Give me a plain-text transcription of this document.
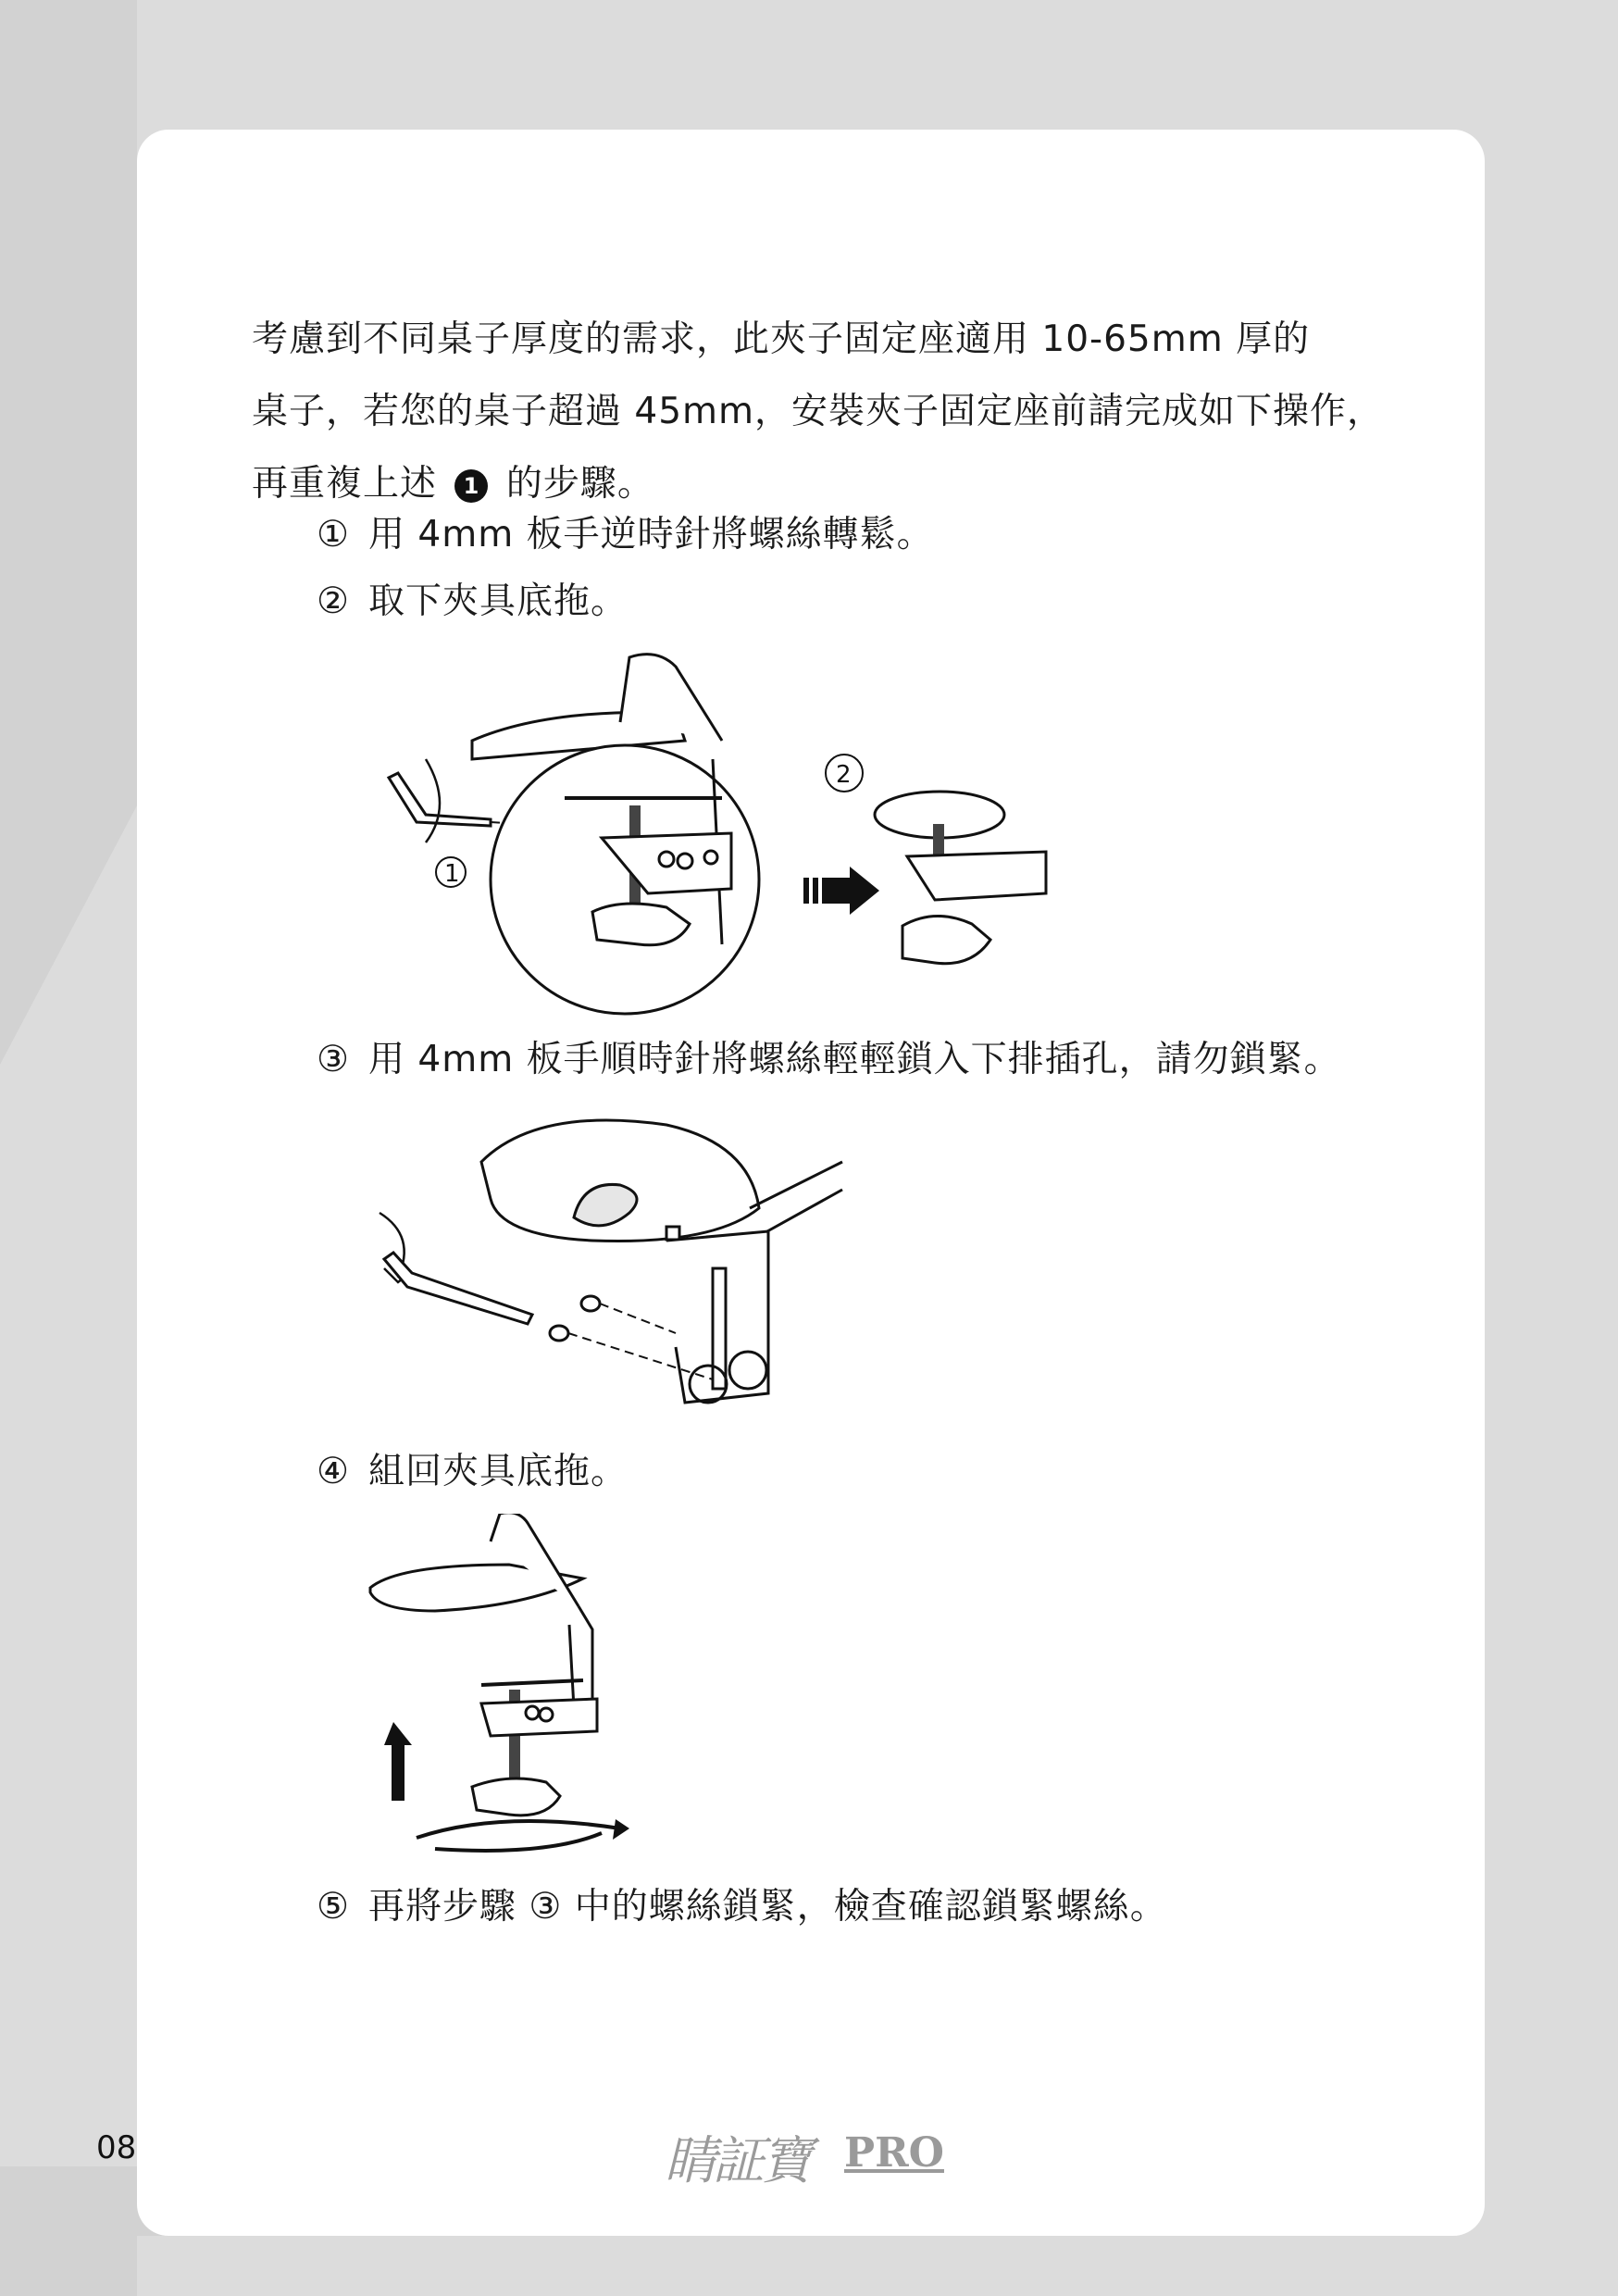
考慮到不同桌子厚度的需求，此夾子固定座適用 10-65mm 厚的

桌子，若您的桌子超過 45mm，安裝夾子固定座前請完成如下操作，

再重複上述 1 的步驟。

① 用 4mm 板手逆時針將螺絲轉鬆。
② 取下夾具底拖。
1
2
③ 用 4mm 板手順時針將螺絲輕輕鎖入下排插孔，請勿鎖緊。
④ 組回夾具底拖。
⑤ 再將步驟 ③ 中的螺絲鎖緊，檢查確認鎖緊螺絲。
08	睛証寶 PRO
